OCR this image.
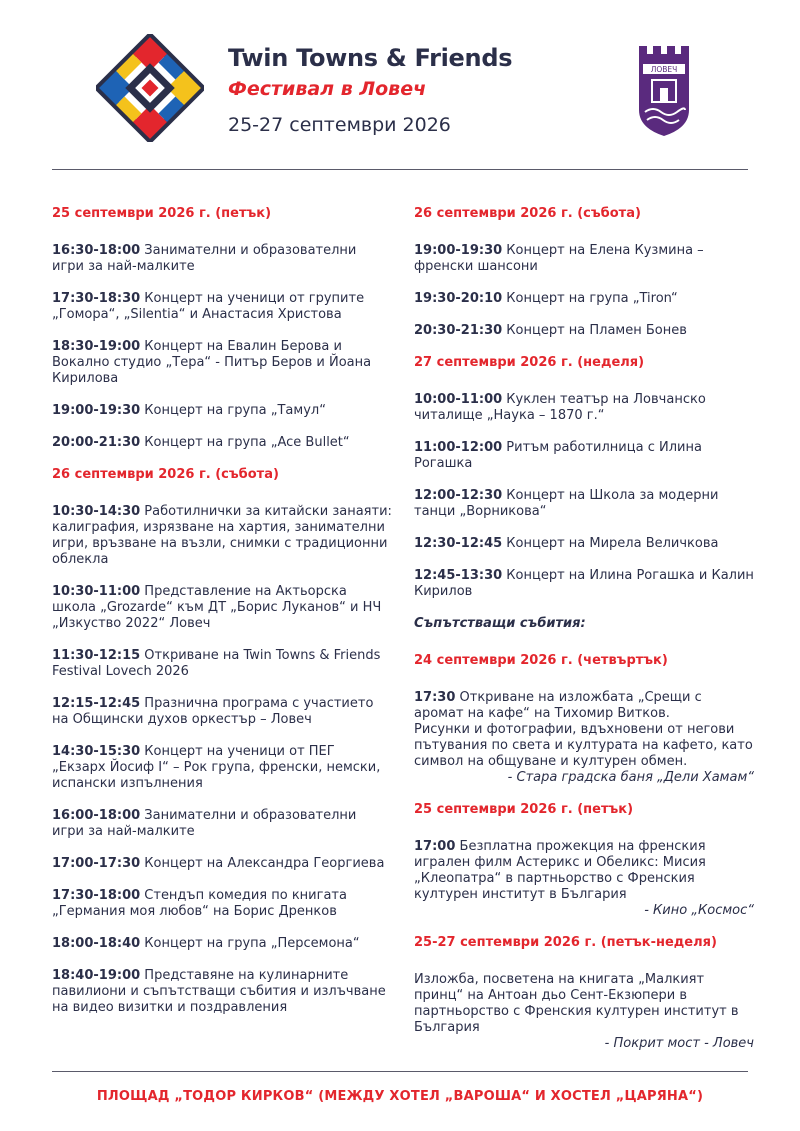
Twin Towns & Friends
Фестивал в Ловеч
25-27 септември 2026
ЛОВЕЧ
25 септември 2026 г. (петък)
16:30-18:00 Занимателни и образователни игри за най-малките
17:30-18:30 Концерт на ученици от групите „Гомора“, „Silentia“ и Анастасия Христова
18:30-19:00 Концерт на Евалин Берова и Вокално студио „Тера“ - Питър Беров и Йоана Кирилова
19:00-19:30 Концерт на група „Тамул“
20:00-21:30 Концерт на група „Ace Bullet“
26 септември 2026 г. (събота)
10:30-14:30 Работилнички за китайски занаяти: калиграфия, изрязване на хартия, занимателни игри, връзване на възли, снимки с традиционни облекла
10:30-11:00 Представление на Актьорска школа „Grozarde“ към ДТ „Борис Луканов“ и НЧ „Изкуство 2022“ Ловеч
11:30-12:15 Откриване на Twin Towns & Friends Festival Lovech 2026
12:15-12:45 Празнична програма с участието на Общински духов оркестър – Ловеч
14:30-15:30 Концерт на ученици от ПЕГ „Екзарх Йосиф I“ – Рок група, френски, немски, испански изпълнения
16:00-18:00 Занимателни и образователни игри за най-малките
17:00-17:30 Концерт на Александра Георгиева
17:30-18:00 Стендъп комедия по книгата „Германия моя любов“ на Борис Дренков
18:00-18:40 Концерт на група „Персемона“
18:40-19:00 Представяне на кулинарните павилиони и съпътстващи събития и излъчване на видео визитки и поздравления
26 септември 2026 г. (събота)
19:00-19:30 Концерт на Елена Кузмина – френски шансони
19:30-20:10 Концерт на група „Tiron“
20:30-21:30 Концерт на Пламен Бонев
27 септември 2026 г. (неделя)
10:00-11:00 Куклен театър на Ловчанско читалище „Наука – 1870 г.“
11:00-12:00 Ритъм работилница с Илина Рогашка
12:00-12:30 Концерт на Школа за модерни танци „Ворникова“
12:30-12:45 Концерт на Мирела Величкова
12:45-13:30 Концерт на Илина Рогашка и Калин Кирилов
Съпътстващи събития:
24 септември 2026 г. (четвъртък)
17:30 Откриване на изложбата „Срещи с аромат на кафе“ на Тихомир Витков.
Рисунки и фотографии, вдъхновени от негови пътувания по света и културата на кафето, като символ на общуване и културен обмен.
- Стара градска баня „Дели Хамам“
25 септември 2026 г. (петък)
17:00 Безплатна прожекция на френския игрален филм Астерикс и Обеликс: Мисия „Клеопатра“ в партньорство с Френския културен институт в България
- Кино „Космос“
25-27 септември 2026 г. (петък-неделя)
Изложба, посветена на книгата „Малкият принц“ на Антоан дьо Сент-Екзюпери в партньорство с Френския културен институт в България
- Покрит мост - Ловеч
ПЛОЩАД „ТОДОР КИРКОВ“ (МЕЖДУ ХОТЕЛ „ВАРОША“ И ХОСТЕЛ „ЦАРЯНА“)
